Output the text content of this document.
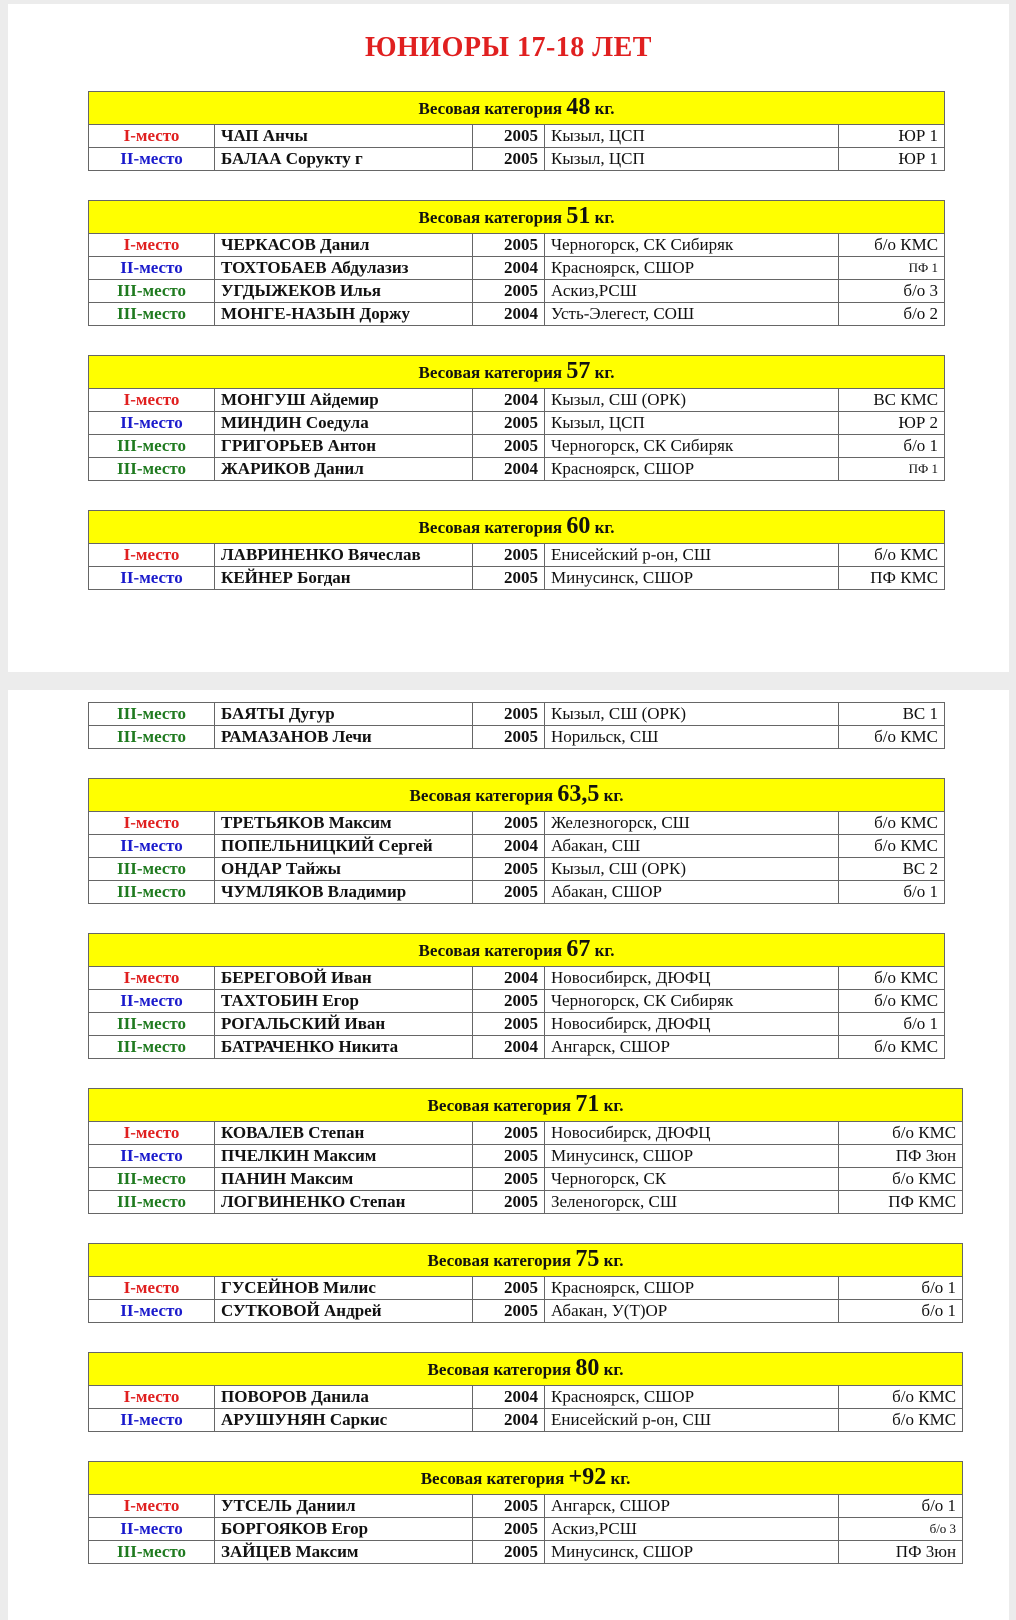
ЮНИОРЫ 17-18 ЛЕТ
Весовая категория 48 кг.				
I-место	ЧАП Анчы	2005	Кызыл, ЦСП	ЮР 1
II-место	БАЛАА Сорукту г	2005	Кызыл, ЦСП	ЮР 1
Весовая категория 51 кг.				
I-место	ЧЕРКАСОВ Данил	2005	Черногорск, СК Сибиряк	б/о КМС
II-место	ТОХТОБАЕВ Абдулазиз	2004	Красноярск, СШОР	ПФ 1
III-место	УГДЫЖЕКОВ Илья	2005	Аскиз,РСШ	б/о 3
III-место	МОНГЕ-НАЗЫН Доржу	2004	Усть-Элегест, СОШ	б/о 2
Весовая категория 57 кг.				
I-место	МОНГУШ Айдемир	2004	Кызыл, СШ (ОРК)	ВС КМС
II-место	МИНДИН Соедула	2005	Кызыл, ЦСП	ЮР 2
III-место	ГРИГОРЬЕВ Антон	2005	Черногорск, СК Сибиряк	б/о 1
III-место	ЖАРИКОВ Данил	2004	Красноярск, СШОР	ПФ 1
Весовая категория 60 кг.				
I-место	ЛАВРИНЕНКО Вячеслав	2005	Енисейский р-он, СШ	б/о КМС
II-место	КЕЙНЕР Богдан	2005	Минусинск, СШОР	ПФ КМС
III-место	БАЯТЫ Дугур	2005	Кызыл, СШ (ОРК)	ВС 1
III-место	РАМАЗАНОВ Лечи	2005	Норильск, СШ	б/о КМС
Весовая категория 63,5 кг.				
I-место	ТРЕТЬЯКОВ Максим	2005	Железногорск, СШ	б/о КМС
II-место	ПОПЕЛЬНИЦКИЙ Сергей	2004	Абакан, СШ	б/о КМС
III-место	ОНДАР Тайжы	2005	Кызыл, СШ (ОРК)	ВС 2
III-место	ЧУМЛЯКОВ Владимир	2005	Абакан, СШОР	б/о 1
Весовая категория 67 кг.				
I-место	БЕРЕГОВОЙ Иван	2004	Новосибирск, ДЮФЦ	б/о КМС
II-место	ТАХТОБИН Егор	2005	Черногорск, СК Сибиряк	б/о КМС
III-место	РОГАЛЬСКИЙ Иван	2005	Новосибирск, ДЮФЦ	б/о 1
III-место	БАТРАЧЕНКО Никита	2004	Ангарск, СШОР	б/о КМС
Весовая категория 71 кг.				
I-место	КОВАЛЕВ Степан	2005	Новосибирск, ДЮФЦ	б/о КМС
II-место	ПЧЕЛКИН Максим	2005	Минусинск, СШОР	ПФ 3юн
III-место	ПАНИН Максим	2005	Черногорск, СК	б/о КМС
III-место	ЛОГВИНЕНКО Степан	2005	Зеленогорск, СШ	ПФ КМС
Весовая категория 75 кг.				
I-место	ГУСЕЙНОВ Милис	2005	Красноярск, СШОР	б/о 1
II-место	СУТКОВОЙ Андрей	2005	Абакан, У(Т)ОР	б/о 1
Весовая категория 80 кг.				
I-место	ПОВОРОВ Данила	2004	Красноярск, СШОР	б/о КМС
II-место	АРУШУНЯН Саркис	2004	Енисейский р-он, СШ	б/о КМС
Весовая категория +92 кг.				
I-место	УТСЕЛЬ Даниил	2005	Ангарск, СШОР	б/о 1
II-место	БОРГОЯКОВ Егор	2005	Аскиз,РСШ	б/о 3
III-место	ЗАЙЦЕВ Максим	2005	Минусинск, СШОР	ПФ 3юн
